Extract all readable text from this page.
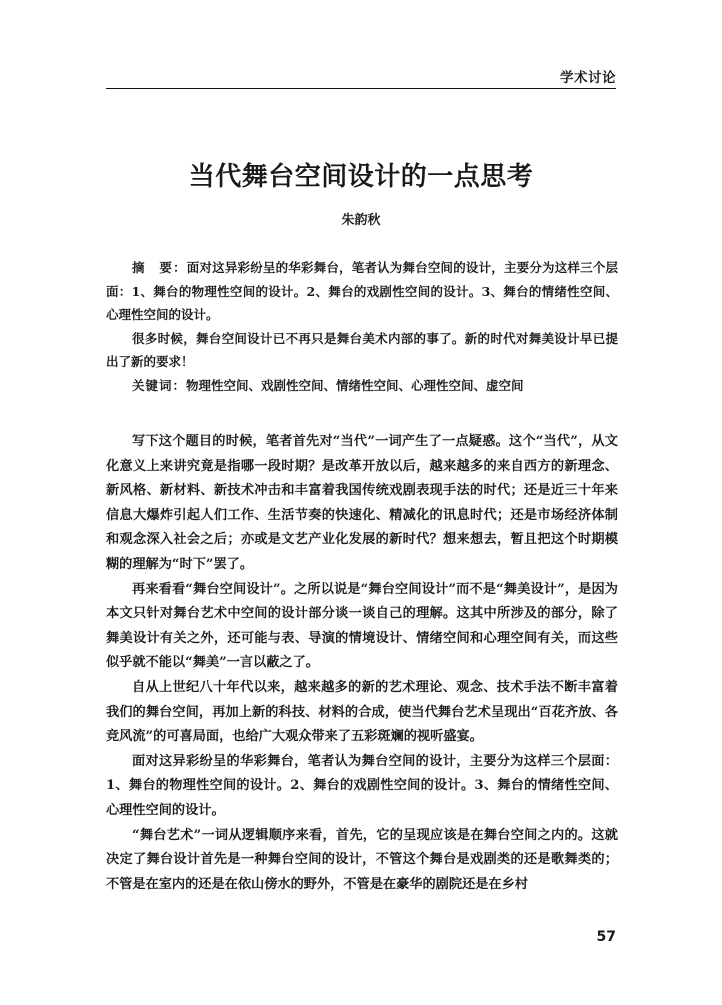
学术讨论
当代舞台空间设计的一点思考
朱韵秋

摘　要：面对这异彩纷呈的华彩舞台，笔者认为舞台空间的设计，主要分为这样三个层面：1、舞台的物理性空间的设计。2、舞台的戏剧性空间的设计。3、舞台的情绪性空间、心理性空间的设计。

很多时候，舞台空间设计已不再只是舞台美术内部的事了。新的时代对舞美设计早已提出了新的要求！

关键词：物理性空间、戏剧性空间、情绪性空间、心理性空间、虚空间

写下这个题目的时候，笔者首先对“当代”一词产生了一点疑惑。这个“当代”，从文化意义上来讲究竟是指哪一段时期？是改革开放以后，越来越多的来自西方的新理念、新风格、新材料、新技术冲击和丰富着我国传统戏剧表现手法的时代；还是近三十年来信息大爆炸引起人们工作、生活节奏的快速化、精减化的讯息时代；还是市场经济体制和观念深入社会之后；亦或是文艺产业化发展的新时代？想来想去，暂且把这个时期模糊的理解为“时下”罢了。

再来看看“舞台空间设计”。之所以说是“舞台空间设计”而不是“舞美设计”，是因为本文只针对舞台艺术中空间的设计部分谈一谈自己的理解。这其中所涉及的部分，除了舞美设计有关之外，还可能与表、导演的情境设计、情绪空间和心理空间有关，而这些似乎就不能以“舞美”一言以蔽之了。

自从上世纪八十年代以来，越来越多的新的艺术理论、观念、技术手法不断丰富着我们的舞台空间，再加上新的科技、材料的合成，使当代舞台艺术呈现出“百花齐放、各竞风流”的可喜局面，也给广大观众带来了五彩斑斓的视听盛宴。

面对这异彩纷呈的华彩舞台，笔者认为舞台空间的设计，主要分为这样三个层面：1、舞台的物理性空间的设计。2、舞台的戏剧性空间的设计。3、舞台的情绪性空间、心理性空间的设计。

“舞台艺术”一词从逻辑顺序来看，首先，它的呈现应该是在舞台空间之内的。这就决定了舞台设计首先是一种舞台空间的设计，不管这个舞台是戏剧类的还是歌舞类的；不管是在室内的还是在依山傍水的野外，不管是在豪华的剧院还是在乡村

57
